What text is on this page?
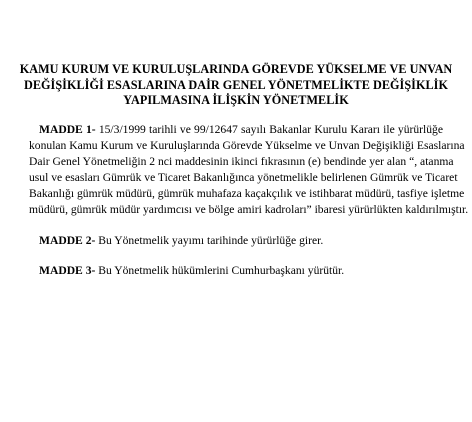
KAMU KURUM VE KURULUŞLARINDA GÖREVDE YÜKSELME VE UNVAN
DEĞİŞİKLİĞİ ESASLARINA DAİR GENEL YÖNETMELİKTE DEĞİŞİKLİK
YAPILMASINA İLİŞKİN YÖNETMELİK
MADDE 1- 15/3/1999 tarihli ve 99/12647 sayılı Bakanlar Kurulu Kararı ile yürürlüğe
konulan Kamu Kurum ve Kuruluşlarında Görevde Yükselme ve Unvan Değişikliği Esaslarına
Dair Genel Yönetmeliğin 2 nci maddesinin ikinci fıkrasının (e) bendinde yer alan “, atanma
usul ve esasları Gümrük ve Ticaret Bakanlığınca yönetmelikle belirlenen Gümrük ve Ticaret
Bakanlığı gümrük müdürü, gümrük muhafaza kaçakçılık ve istihbarat müdürü, tasfiye işletme
müdürü, gümrük müdür yardımcısı ve bölge amiri kadroları” ibaresi yürürlükten kaldırılmıştır.
MADDE 2- Bu Yönetmelik yayımı tarihinde yürürlüğe girer.
MADDE 3- Bu Yönetmelik hükümlerini Cumhurbaşkanı yürütür.
